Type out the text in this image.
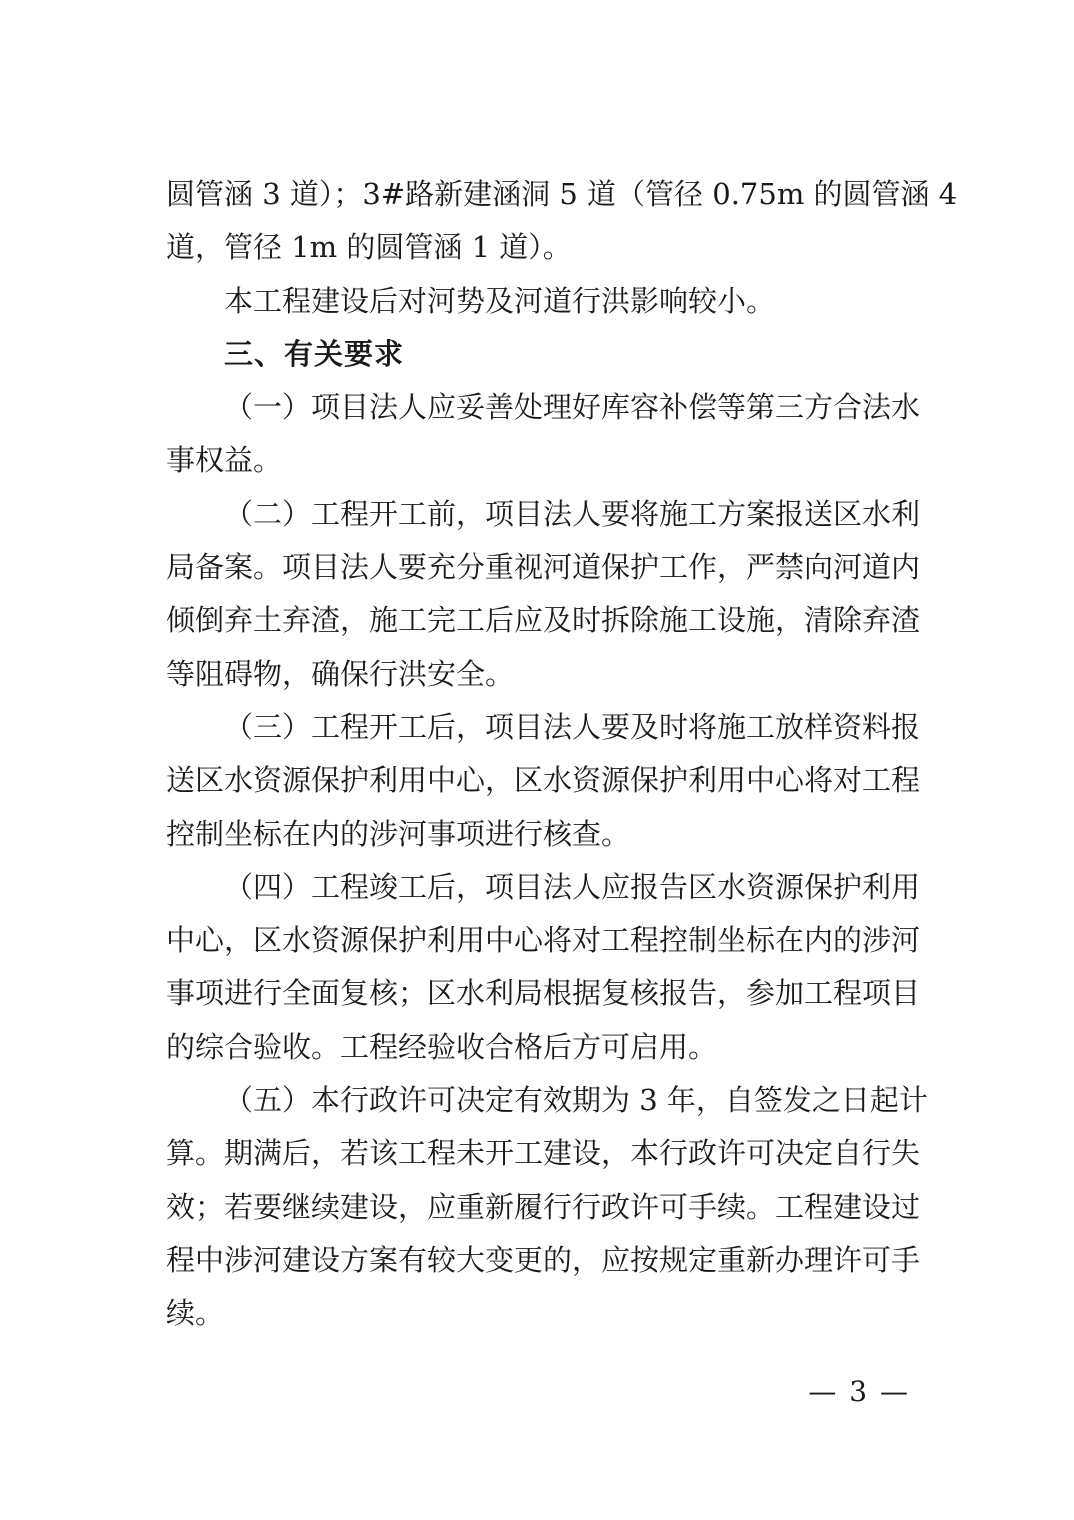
圆管涵 3 道）；3#路新建涵洞 5 道（管径 0.75m 的圆管涵 4
道，管径 1m 的圆管涵 1 道）。
本工程建设后对河势及河道行洪影响较小。
三、有关要求
（一）项目法人应妥善处理好库容补偿等第三方合法水
事权益。
（二）工程开工前，项目法人要将施工方案报送区水利
局备案。项目法人要充分重视河道保护工作，严禁向河道内
倾倒弃土弃渣，施工完工后应及时拆除施工设施，清除弃渣
等阻碍物，确保行洪安全。
（三）工程开工后，项目法人要及时将施工放样资料报
送区水资源保护利用中心，区水资源保护利用中心将对工程
控制坐标在内的涉河事项进行核查。
（四）工程竣工后，项目法人应报告区水资源保护利用
中心，区水资源保护利用中心将对工程控制坐标在内的涉河
事项进行全面复核；区水利局根据复核报告，参加工程项目
的综合验收。工程经验收合格后方可启用。
（五）本行政许可决定有效期为 3 年，自签发之日起计
算。期满后，若该工程未开工建设，本行政许可决定自行失
效；若要继续建设，应重新履行行政许可手续。工程建设过
程中涉河建设方案有较大变更的，应按规定重新办理许可手
续。
— 3 —
